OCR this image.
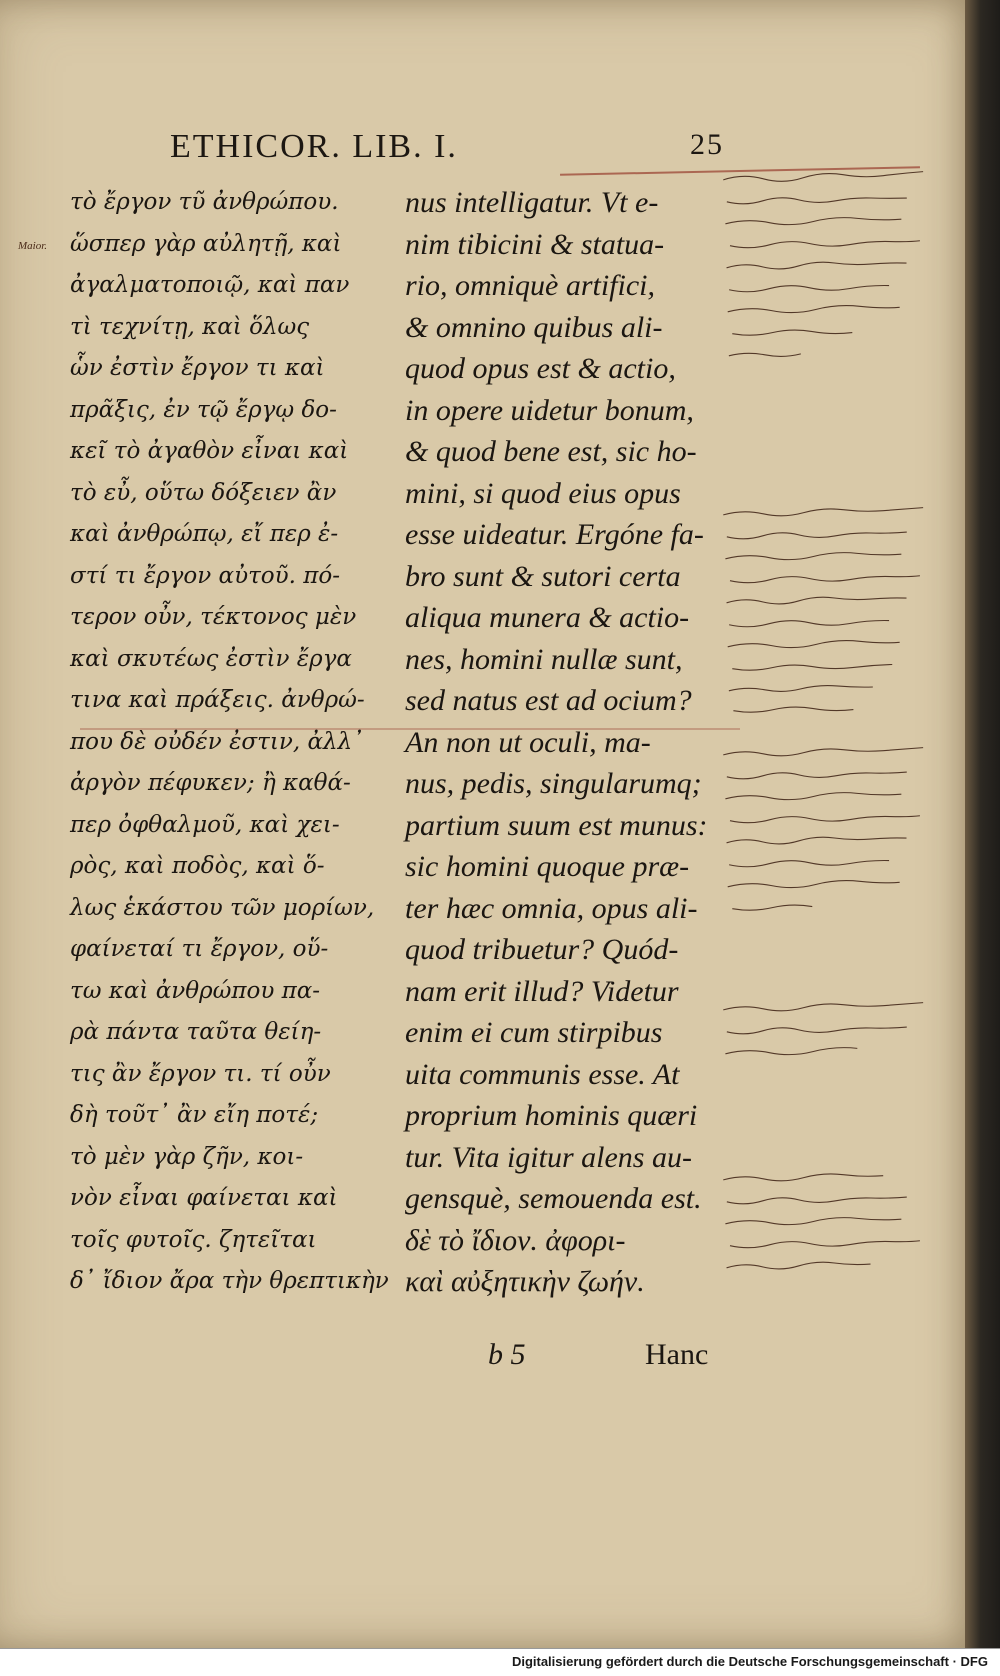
ETHICOR. LIB. I.	25
Maior.
τὸ ἔργον τῦ ἀνθρώπου.
ὥσπερ γὰρ αὐλητῇ, καὶ
ἀγαλματοποιῷ, καὶ παν
τὶ τεχνίτῃ, καὶ ὅλως
ὧν ἐστὶν ἔργον τι καὶ
πρᾶξις, ἐν τῷ ἔργῳ δο-
κεῖ τὸ ἀγαθὸν εἶναι καὶ
τὸ εὖ, οὕτω δόξειεν ἂν
καὶ ἀνθρώπῳ, εἴ περ ἐ-
στί τι ἔργον αὐτοῦ. πό-
τερον οὖν, τέκτονος μὲν
καὶ σκυτέως ἐστὶν ἔργα
τινα καὶ πράξεις. ἀνθρώ-
που δὲ οὐδέν ἐστιν, ἀλλ᾽
ἀργὸν πέφυκεν; ἢ καθά-
περ ὀφθαλμοῦ, καὶ χει-
ρὸς, καὶ ποδὸς, καὶ ὅ-
λως ἑκάστου τῶν μορίων,
φαίνεταί τι ἔργον, οὕ-
τω καὶ ἀνθρώπου πα-
ρὰ πάντα ταῦτα θείη-
τις ἂν ἔργον τι. τί οὖν
δὴ τοῦτ᾽ ἂν εἴη ποτέ;
τὸ μὲν γὰρ ζῆν, κοι-
νὸν εἶναι φαίνεται καὶ
τοῖς φυτοῖς. ζητεῖται
δ᾽ ἴδιον ἄρα τὴν θρεπτικὴν
nus intelligatur. Vt e-
nim tibicini & statua-
rio, omniquè artifici,
& omnino quibus ali-
quod opus est & actio,
in opere uidetur bonum,
& quod bene est, sic ho-
mini, si quod eius opus
esse uideatur. Ergóne fa-
bro sunt & sutori certa
aliqua munera & actio-
nes, homini nullæ sunt,
sed natus est ad ocium?
An non ut oculi, ma-
nus, pedis, singularumq;
partium suum est munus:
sic homini quoque præ-
ter hæc omnia, opus ali-
quod tribuetur? Quód-
nam erit illud? Videtur
enim ei cum stirpibus
uita communis esse. At
proprium hominis quæri
tur. Vita igitur alens au-
gensquè, semouenda est.
δὲ τὸ ἴδιον. ἀφορι-
καὶ αὐξητικὴν ζωήν.
b 5	Hanc
Digitalisierung gefördert durch die Deutsche Forschungsgemeinschaft · DFG
